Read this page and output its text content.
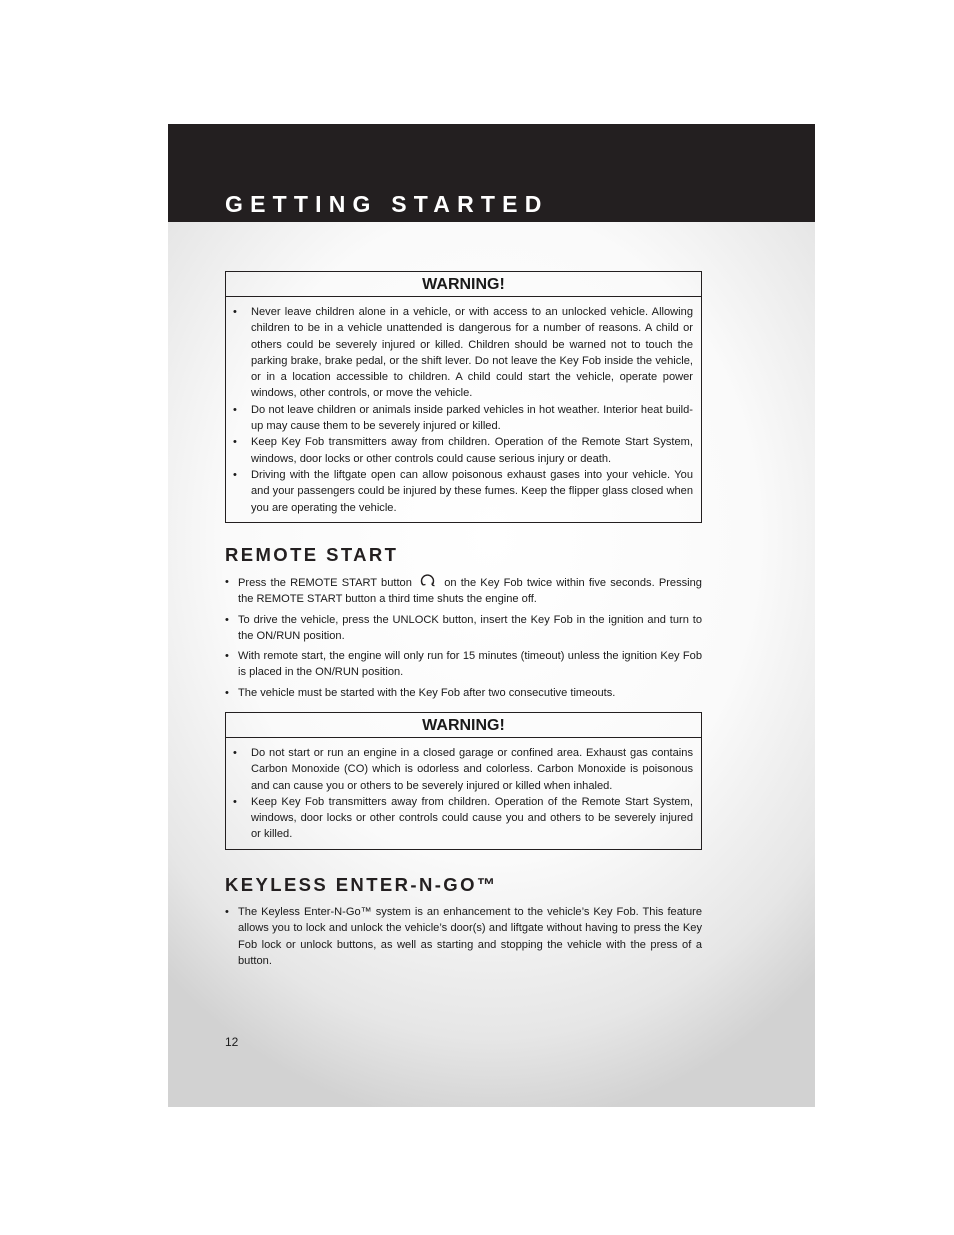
GETTING STARTED
WARNING!
• Never leave children alone in a vehicle, or with access to an unlocked vehicle. Allowing children to be in a vehicle unattended is dangerous for a number of reasons. A child or others could be severely injured or killed. Children should be warned not to touch the parking brake, brake pedal, or the shift lever. Do not leave the Key Fob inside the vehicle, or in a location accessible to children. A child could start the vehicle, operate power windows, other controls, or move the vehicle.
• Do not leave children or animals inside parked vehicles in hot weather. Interior heat build-up may cause them to be severely injured or killed.
• Keep Key Fob transmitters away from children. Operation of the Remote Start System, windows, door locks or other controls could cause serious injury or death.
• Driving with the liftgate open can allow poisonous exhaust gases into your vehicle. You and your passengers could be injured by these fumes. Keep the flipper glass closed when you are operating the vehicle.
REMOTE START
• Press the REMOTE START button	on the Key Fob twice within five seconds. Pressing the REMOTE START button a third time shuts the engine off.
• To drive the vehicle, press the UNLOCK button, insert the Key Fob in the ignition and turn to the ON/RUN position.
• With remote start, the engine will only run for 15 minutes (timeout) unless the ignition Key Fob is placed in the ON/RUN position.
• The vehicle must be started with the Key Fob after two consecutive timeouts.
WARNING!
• Do not start or run an engine in a closed garage or confined area. Exhaust gas contains Carbon Monoxide (CO) which is odorless and colorless. Carbon Monoxide is poisonous and can cause you or others to be severely injured or killed when inhaled.
• Keep Key Fob transmitters away from children. Operation of the Remote Start System, windows, door locks or other controls could cause you and others to be severely injured or killed.
KEYLESS ENTER-N-GO™
• The Keyless Enter-N-Go™ system is an enhancement to the vehicle’s Key Fob. This feature allows you to lock and unlock the vehicle’s door(s) and liftgate without having to press the Key Fob lock or unlock buttons, as well as starting and stopping the vehicle with the press of a button.
12
